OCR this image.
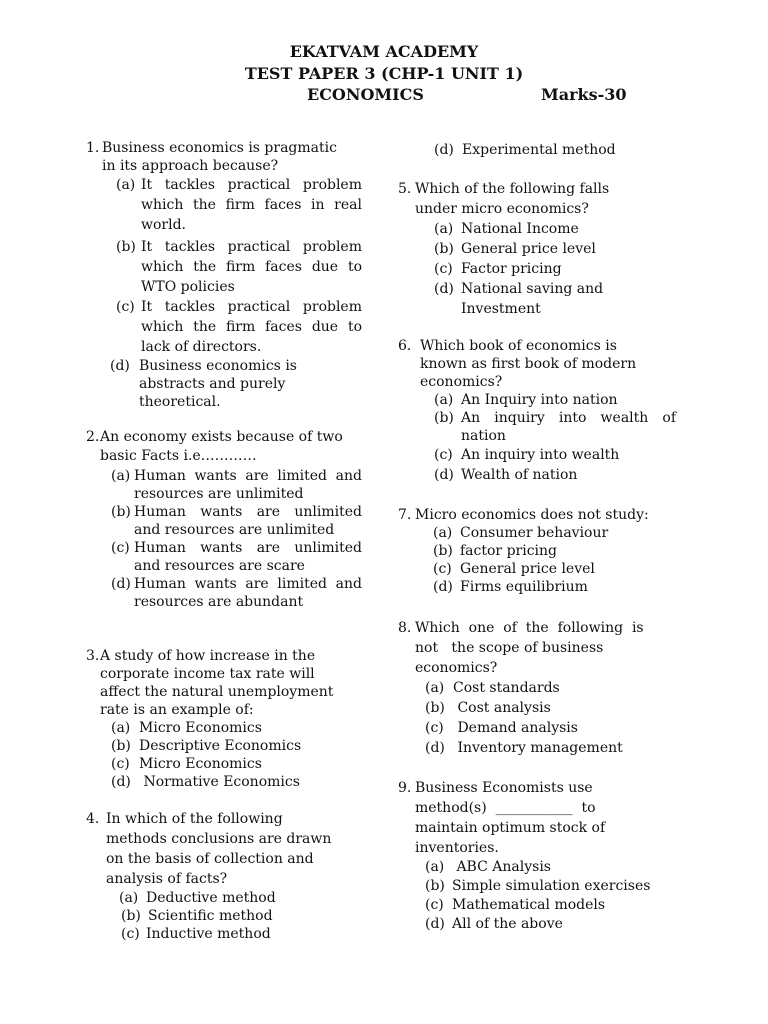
EKATVAM ACADEMY
TEST PAPER 3 (CHP-1 UNIT 1)
ECONOMICS	Marks-30
1. Business economics is pragmatic
in its approach because?
(a) It tackles practical problem which the firm faces in real world.
(b) It tackles practical problem which the firm faces due to WTO policies
(c) It tackles practical problem which the firm faces due to lack of directors.
(d) Business economics is abstracts and purely theoretical.
2. An economy exists because of two
basic Facts i.e…………
(a) Human wants are limited and resources are unlimited
(b) Human wants are unlimited and resources are unlimited
(c) Human wants are unlimited and resources are scare
(d) Human wants are limited and resources are abundant
3. A study of how increase in the
corporate income tax rate will
affect the natural unemployment
rate is an example of:
(a) Micro Economics
(b) Descriptive Economics
(c) Micro Economics
(d) Normative Economics
4. In which of the following
methods conclusions are drawn
on the basis of collection and
analysis of facts?
(a) Deductive method
(b) Scientific method
(c) Inductive method
(d) Experimental method
5. Which of the following falls
under micro economics?
(a) National Income
(b) General price level
(c) Factor pricing
(d) National saving and Investment
6. Which book of economics is
known as first book of modern
economics?
(a) An Inquiry into nation
(b) An inquiry into wealth of nation
(c) An inquiry into wealth
(d) Wealth of nation
7. Micro economics does not study:
(a) Consumer behaviour
(b) factor pricing
(c) General price level
(d) Firms equilibrium
8. Which  one  of  the  following  is
not   the scope of business
economics?
(a) Cost standards
(b) Cost analysis
(c) Demand analysis
(d) Inventory management
9. Business Economists use
method(s)  ___________  to
maintain optimum stock of
inventories.
(a) ABC Analysis
(b) Simple simulation exercises
(c) Mathematical models
(d) All of the above
